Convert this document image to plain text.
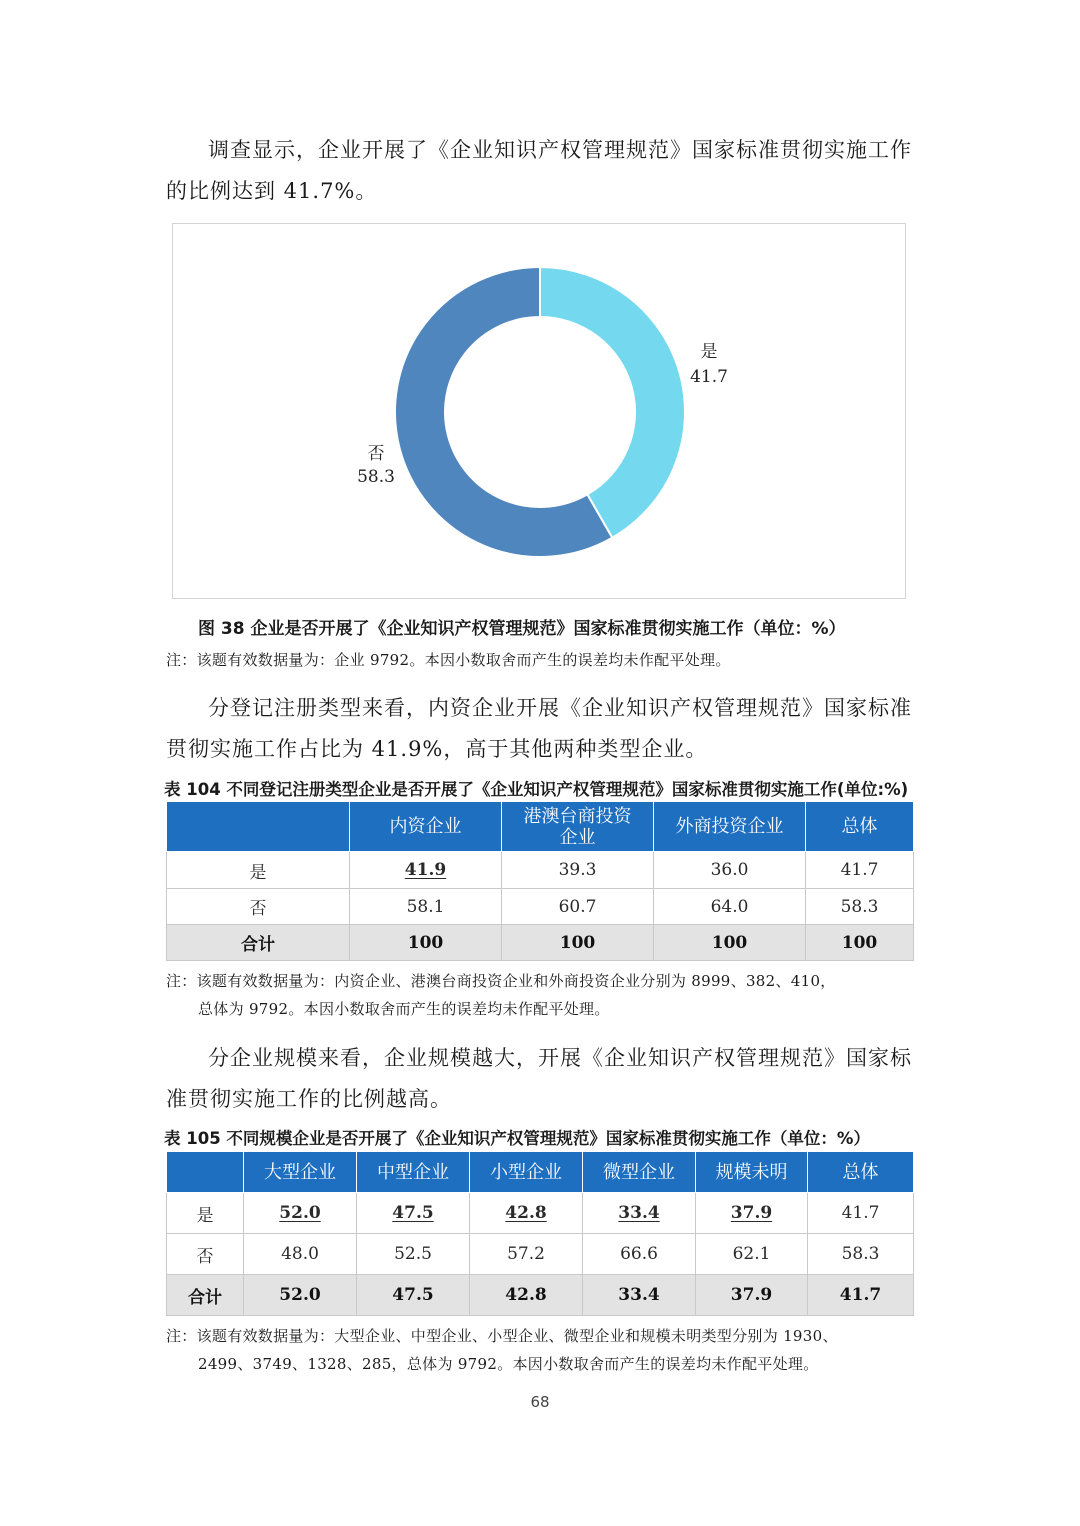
调查显示，企业开展了《企业知识产权管理规范》国家标准贯彻实施工作的比例达到 41.7%。

是
41.7
否
58.3
图 38 企业是否开展了《企业知识产权管理规范》国家标准贯彻实施工作（单位：%）

注：该题有效数据量为：企业 9792。本因小数取舍而产生的误差均未作配平处理。

分登记注册类型来看，内资企业开展《企业知识产权管理规范》国家标准贯彻实施工作占比为 41.9%，高于其他两种类型企业。

表 104 不同登记注册类型企业是否开展了《企业知识产权管理规范》国家标准贯彻实施工作(单位:%)
	内资企业	港澳台商投资企业	外商投资企业	总体
是	41.9	39.3	36.0	41.7
否	58.1	60.7	64.0	58.3
合计	100	100	100	100

注：该题有效数据量为：内资企业、港澳台商投资企业和外商投资企业分别为 8999、382、410，
总体为 9792。本因小数取舍而产生的误差均未作配平处理。

分企业规模来看，企业规模越大，开展《企业知识产权管理规范》国家标准贯彻实施工作的比例越高。

表 105 不同规模企业是否开展了《企业知识产权管理规范》国家标准贯彻实施工作（单位：%）
	大型企业	中型企业	小型企业	微型企业	规模未明	总体
是	52.0	47.5	42.8	33.4	37.9	41.7
否	48.0	52.5	57.2	66.6	62.1	58.3
合计	52.0	47.5	42.8	33.4	37.9	41.7

注：该题有效数据量为：大型企业、中型企业、小型企业、微型企业和规模未明类型分别为 1930、
2499、3749、1328、285，总体为 9792。本因小数取舍而产生的误差均未作配平处理。

68
